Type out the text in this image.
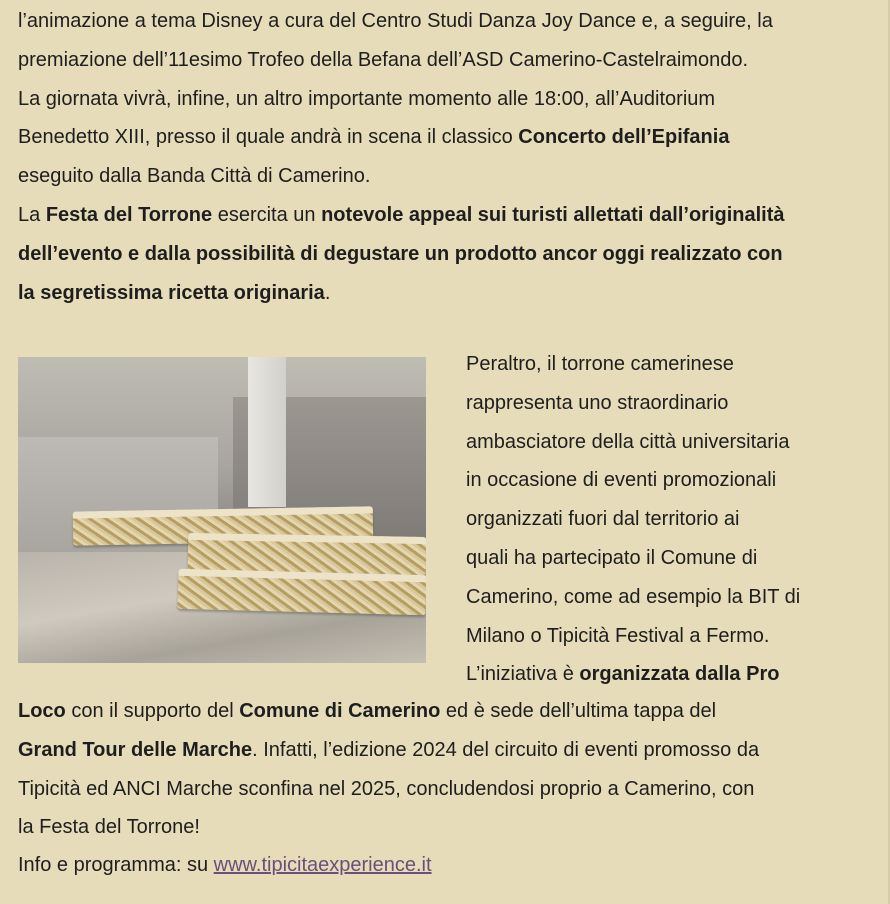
l’animazione a tema Disney a cura del Centro Studi Danza Joy Dance e, a seguire, la
premiazione dell’11esimo Trofeo della Befana dell’ASD Camerino-Castelraimondo.
La giornata vivrà, infine, un altro importante momento alle 18:00, all’Auditorium
Benedetto XIII, presso il quale andrà in scena il classico Concerto dell’Epifania
eseguito dalla Banda Città di Camerino.
La Festa del Torrone esercita un notevole appeal sui turisti allettati dall’originalità
dell’evento e dalla possibilità di degustare un prodotto ancor oggi realizzato con
la segretissima ricetta originaria.
Peraltro, il torrone camerinese
rappresenta uno straordinario
ambasciatore della città universitaria
in occasione di eventi promozionali
organizzati fuori dal territorio ai
quali ha partecipato il Comune di
Camerino, come ad esempio la BIT di
Milano o Tipicità Festival a Fermo.
L’iniziativa è organizzata dalla Pro
Loco con il supporto del Comune di Camerino ed è sede dell’ultima tappa del
Grand Tour delle Marche. Infatti, l’edizione 2024 del circuito di eventi promosso da
Tipicità ed ANCI Marche sconfina nel 2025, concludendosi proprio a Camerino, con
la Festa del Torrone!
Info e programma: su www.tipicitaexperience.it
